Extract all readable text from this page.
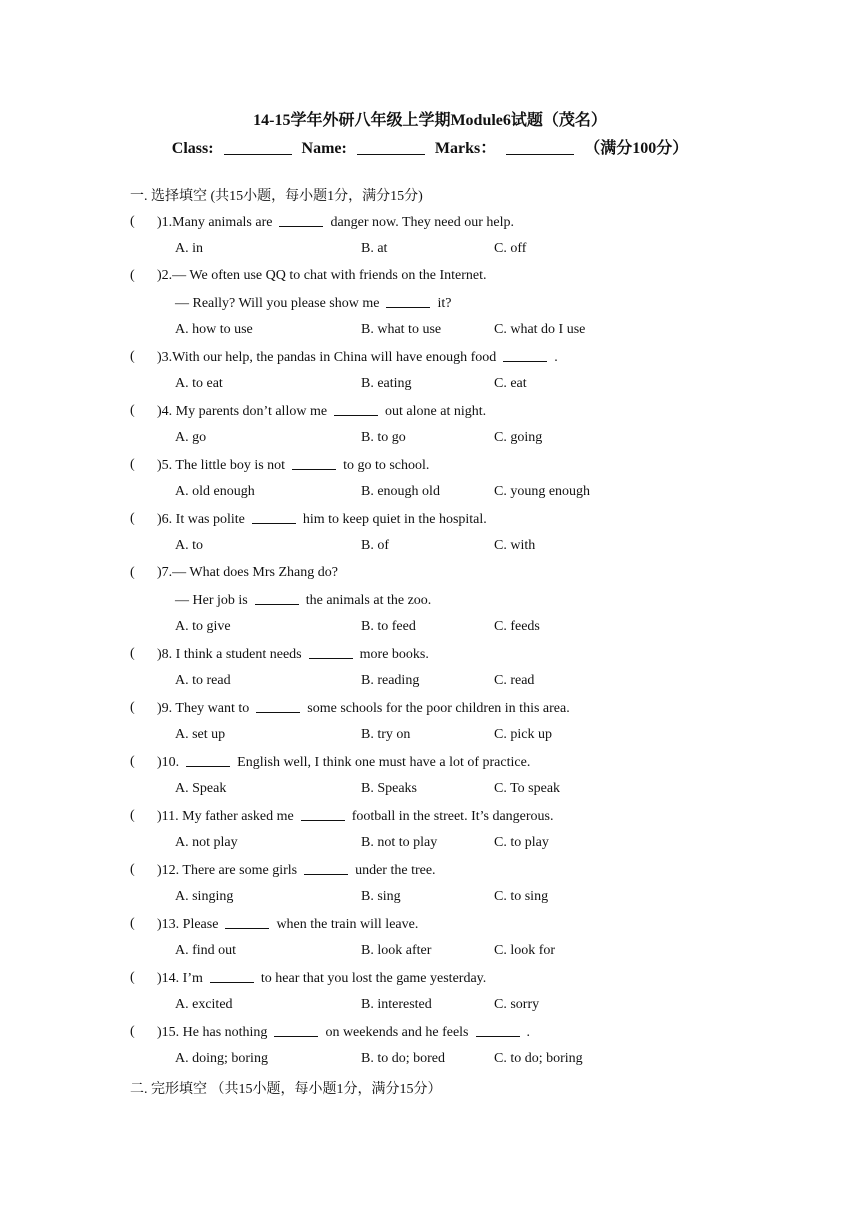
14-15学年外研八年级上学期Module6试题（茂名）
Class:	Name:	Marks：	（满分100分）
一. 选择填空 (共15小题，每小题1分，满分15分)
( )1.Many animals are	danger now. They need our help.
A. in	B. at	C. off
( )2.— We often use QQ to chat with friends on the Internet.
— Really? Will you please show me	it?
A. how to use	B. what to use	C. what do I use
( )3.With our help, the pandas in China will have enough food	.
A. to eat	B. eating	C. eat
( )4. My parents don’t allow me	out alone at night.
A. go	B. to go	C. going
( )5. The little boy is not	to go to school.
A. old enough	B. enough old	C. young enough
( )6. It was polite	him to keep quiet in the hospital.
A. to	B. of	C. with
( )7.— What does Mrs Zhang do?
— Her job is	the animals at the zoo.
A. to give	B. to feed	C. feeds
( )8. I think a student needs	more books.
A. to read	B. reading	C. read
( )9. They want to	some schools for the poor children in this area.
A. set up	B. try on	C. pick up
( )10.	English well, I think one must have a lot of practice.
A. Speak	B. Speaks	C. To speak
( )11. My father asked me	football in the street. It’s dangerous.
A. not play	B. not to play	C. to play
( )12. There are some girls	under the tree.
A. singing	B. sing	C. to sing
( )13. Please	when the train will leave.
A. find out	B. look after	C. look for
( )14. I’m	to hear that you lost the game yesterday.
A. excited	B. interested	C. sorry
( )15. He has nothing	on weekends and he feels	.
A. doing; boring	B. to do; bored	C. to do; boring
二. 完形填空 （共15小题，每小题1分，满分15分）
